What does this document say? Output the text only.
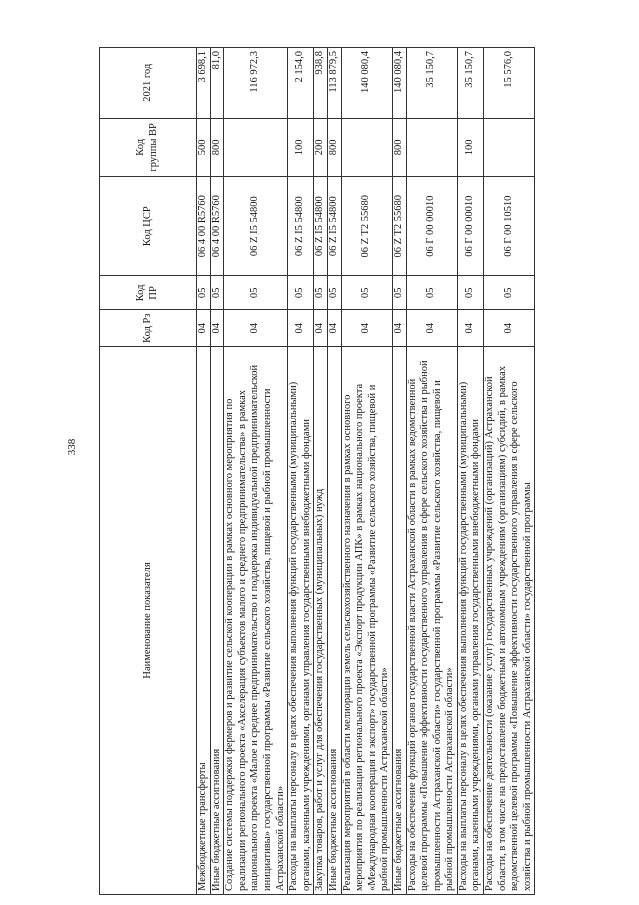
338
Наименование показателя	Код Рз	Код ПР	Код ЦСР	Код группы ВР	2021 год
Межбюджетные трансферты	04	05	06 4 00 R5760	500	3 698,1
Иные бюджетные ассигнования	04	05	06 4 00 R5760	800	81,0
Создание системы поддержки фермеров и развитие сельской кооперации в рамках основного мероприятия по реализации регионального проекта «Акселерация субъектов малого и среднего предпринимательства» в рамках национального проекта «Малое и среднее предпринимательство и поддержка индивидуальной предпринимательской инициативы» государственной программы «Развитие сельского хозяйства, пищевой и рыбной промышленности Астраханской области»	04	05	06 Z I5 54800		116 972,3
Расходы на выплаты персоналу в целях обеспечения выполнения функций государственными (муниципальными) органами, казенными учреждениями, органами управления государственными внебюджетными фондами	04	05	06 Z I5 54800	100	2 154,0
Закупка товаров, работ и услуг для обеспечения государственных (муниципальных) нужд	04	05	06 Z I5 54800	200	938,8
Иные бюджетные ассигнования	04	05	06 Z I5 54800	800	113 879,5
Реализация мероприятий в области мелиорации земель сельскохозяйственного назначения в рамках основного мероприятия по реализации регионального проекта «Экспорт продукции АПК» в рамках национального проекта «Международная кооперация и экспорт» государственной программы «Развитие сельского хозяйства, пищевой и рыбной промышленности Астраханской области»	04	05	06 Z T2 55680		140 080,4
Иные бюджетные ассигнования	04	05	06 Z T2 55680	800	140 080,4
Расходы на обеспечение функций органов государственной власти Астраханской области в рамках ведомственной целевой программы «Повышение эффективности государственного управления в сфере сельского хозяйства и рыбной промышленности Астраханской области» государственной программы «Развитие сельского хозяйства, пищевой и рыбной промышленности Астраханской области»	04	05	06 Г 00 00010		35 150,7
Расходы на выплаты персоналу в целях обеспечения выполнения функций государственными (муниципальными) органами, казенными учреждениями, органами управления государственными внебюджетными фондами	04	05	06 Г 00 00010	100	35 150,7
Расходы на обеспечение деятельности (оказание услуг) государственных учреждений (организаций) Астраханской области, в том числе на предоставление бюджетным и автономным учреждениям (организациям) субсидий, в рамках ведомственной целевой программы «Повышение эффективности государственного управления в сфере сельского хозяйства и рыбной промышленности Астраханской области» государственной программы	04	05	06 Г 00 10510		15 576,0
